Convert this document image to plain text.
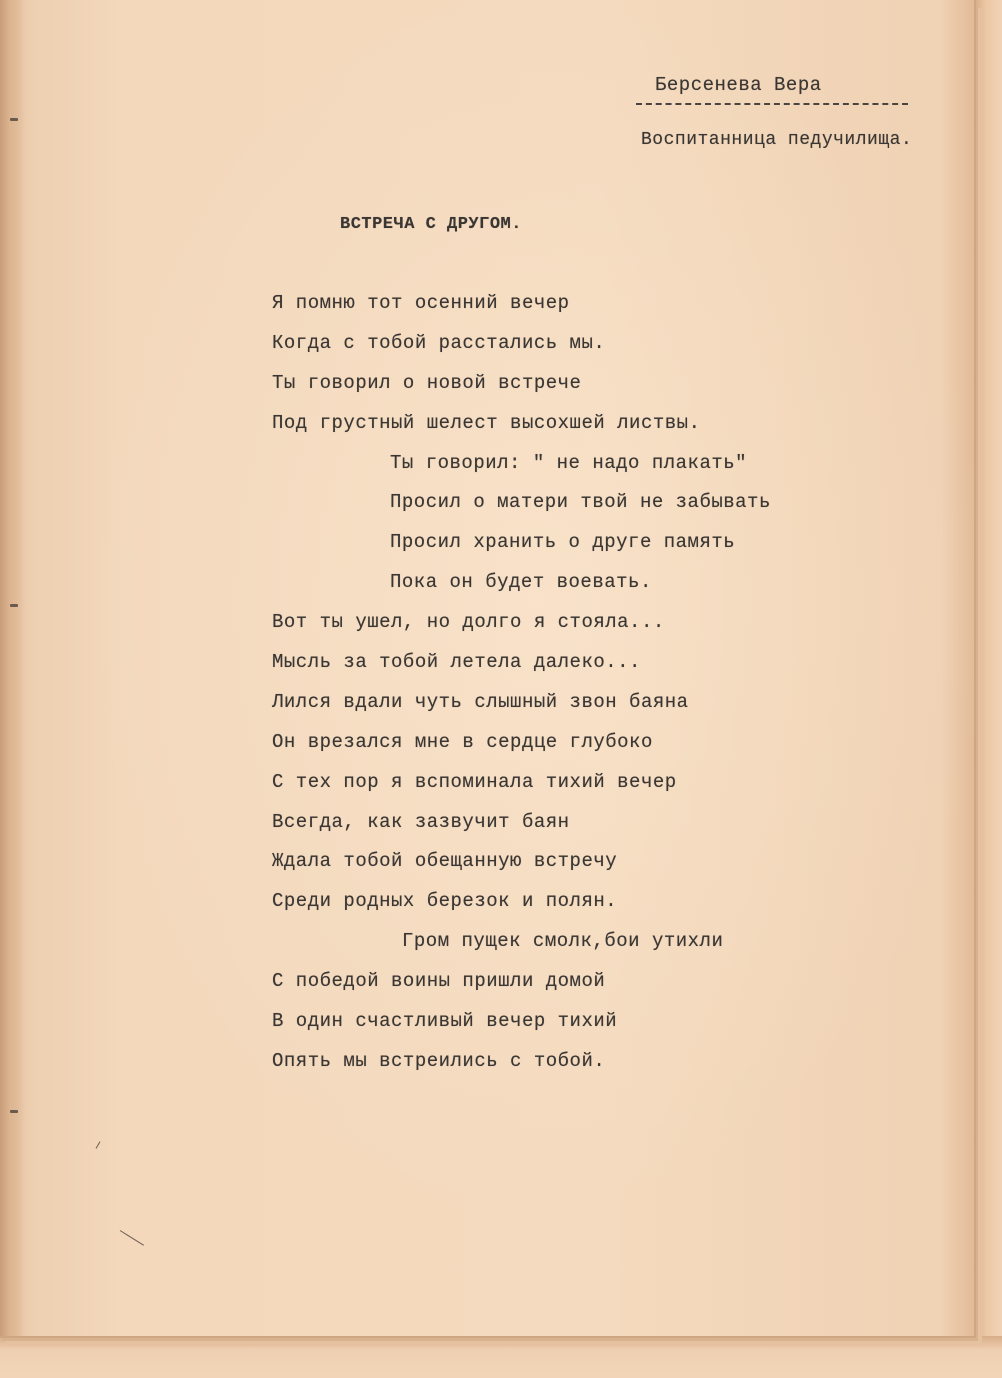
Берсенева Вера
Воспитанница педучилища.
ВСТРЕЧА С ДРУГОМ.
Я помню тот осенний вечер
Когда с тобой расстались мы.
Ты говорил о новой встрече
Под грустный шелест высохшей листвы.
Ты говорил: " не надо плакать"
Просил о матери твой не забывать
Просил хранить о друге память
Пока он будет воевать.
Вот ты ушел, но долго я стояла...
Мысль за тобой летела далеко...
Лился вдали чуть слышный звон баяна
Он врезался мне в сердце глубоко
С тех пор я вспоминала тихий вечер
Всегда, как зазвучит баян
Ждала тобой обещанную встречу
Среди родных березок и полян.
Гром пущек смолк,бои утихли
С победой воины пришли домой
В один счастливый вечер тихий
Опять мы встреились с тобой.
